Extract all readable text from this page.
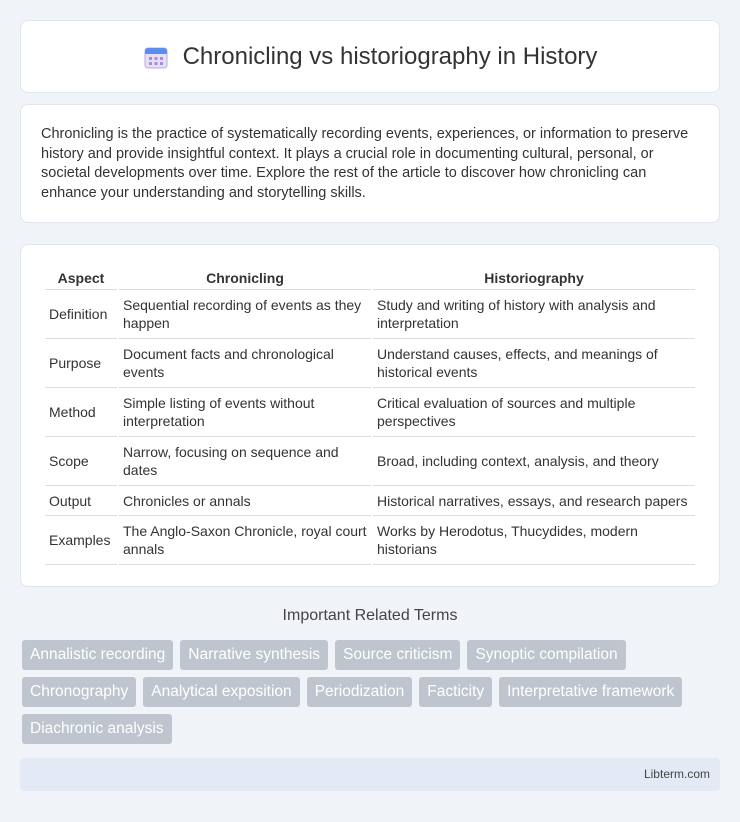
Chronicling vs historiography in History

Chronicling is the practice of systematically recording events, experiences, or information to preserve history and provide insightful context. It plays a crucial role in documenting cultural, personal, or societal developments over time. Explore the rest of the article to discover how chronicling can enhance your understanding and storytelling skills.

Aspect	Chronicling	Historiography
Definition	Sequential recording of events as they happen	Study and writing of history with analysis and interpretation
Purpose	Document facts and chronological events	Understand causes, effects, and meanings of historical events
Method	Simple listing of events without interpretation	Critical evaluation of sources and multiple perspectives
Scope	Narrow, focusing on sequence and dates	Broad, including context, analysis, and theory
Output	Chronicles or annals	Historical narratives, essays, and research papers
Examples	The Anglo-Saxon Chronicle, royal court annals	Works by Herodotus, Thucydides, modern historians
Important Related Terms
Annalistic recording	Narrative synthesis	Source criticism	Synoptic compilation
Chronography	Analytical exposition	Periodization	Facticity	Interpretative framework
Diachronic analysis
Libterm.com
